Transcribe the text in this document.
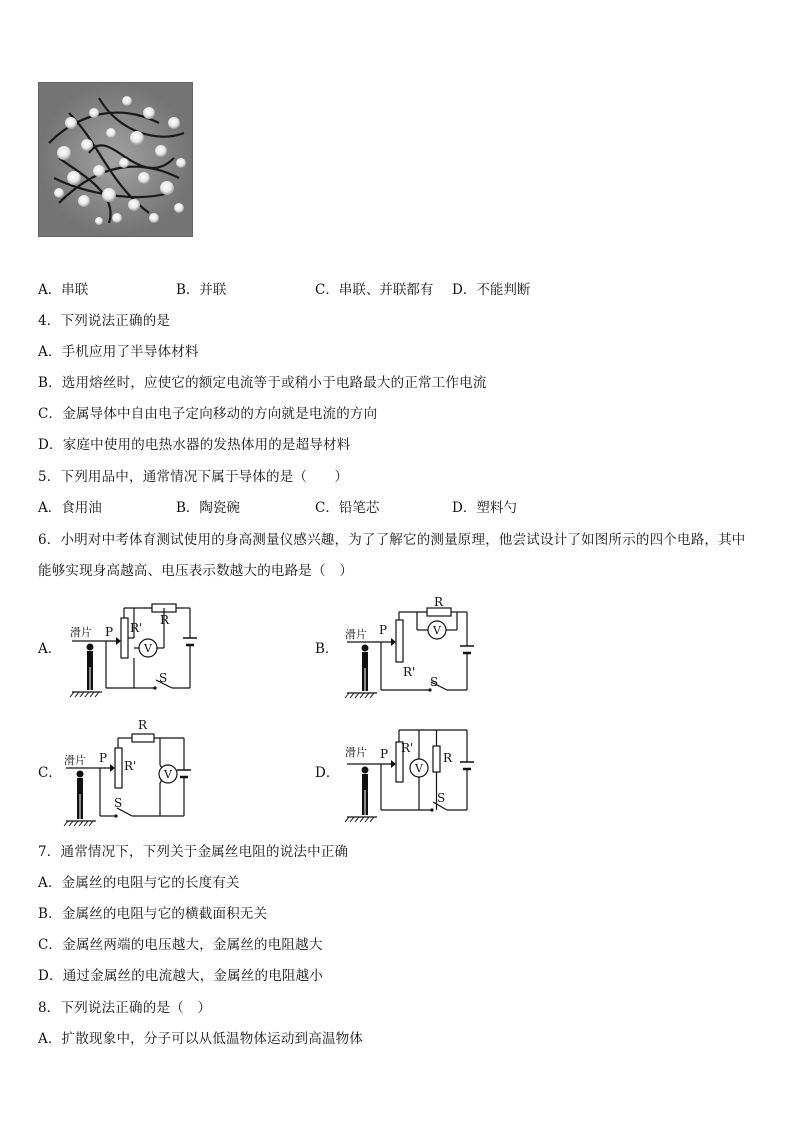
A．串联	B．并联	C．串联、并联都有 D．不能判断
4．下列说法正确的是
A．手机应用了半导体材料
B．选用熔丝时，应使它的额定电流等于或稍小于电路最大的正常工作电流
C．金属导体中自由电子定向移动的方向就是电流的方向
D．家庭中使用的电热水器的发热体用的是超导材料
5．下列用品中，通常情况下属于导体的是（　　）
A．食用油	B．陶瓷碗	C．铅笔芯	D．塑料勺
6．小明对中考体育测试使用的身高测量仪感兴趣，为了了解它的测量原理，他尝试设计了如图所示的四个电路，其中
能够实现身高越高、电压表示数越大的电路是（　）
A．
滑片 P R'
R
V
S
B．
滑片 P
R'
R
V
S
C．
滑片 P
R'
R
V
S
D．
滑片 P R'
R
V
S
7．通常情况下，下列关于金属丝电阻的说法中正确
A．金属丝的电阻与它的长度有关
B．金属丝的电阻与它的横截面积无关
C．金属丝两端的电压越大，金属丝的电阻越大
D．通过金属丝的电流越大，金属丝的电阻越小
8．下列说法正确的是（　）
A．扩散现象中，分子可以从低温物体运动到高温物体
